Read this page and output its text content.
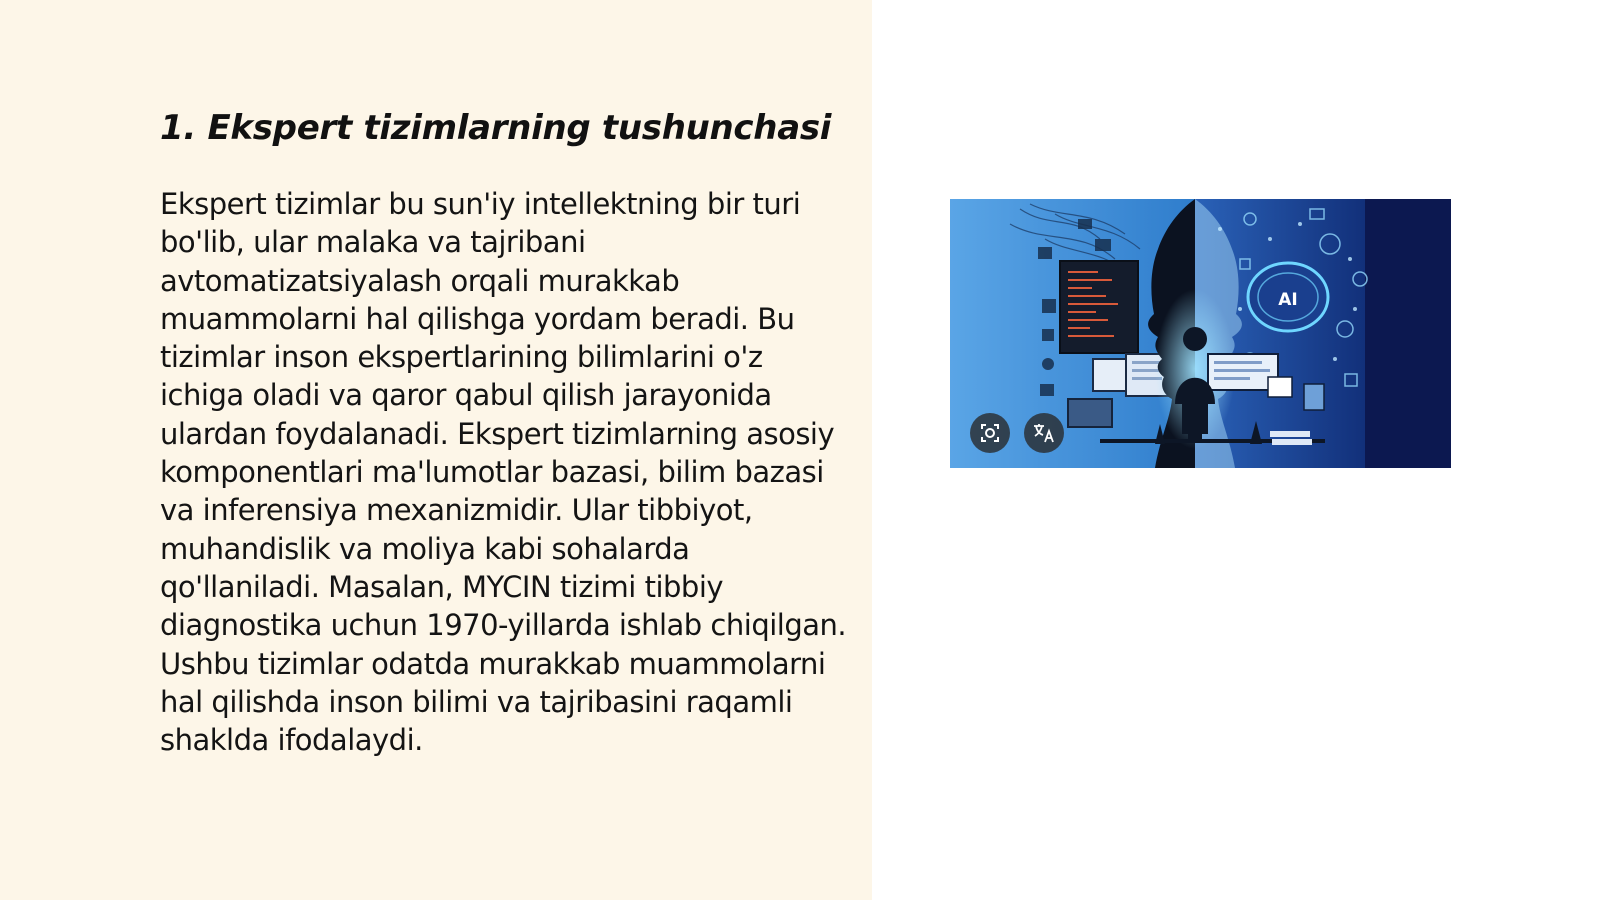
1. Ekspert tizimlarning tushunchasi

Ekspert tizimlar bu sun'iy intellektning bir turi bo'lib, ular malaka va tajribani avtomatizatsiyalash orqali murakkab muammolarni hal qilishga yordam beradi. Bu tizimlar inson ekspertlarining bilimlarini o'z ichiga oladi va qaror qabul qilish jarayonida ulardan foydalanadi. Ekspert tizimlarning asosiy komponentlari ma'lumotlar bazasi, bilim bazasi va inferensiya mexanizmidir. Ular tibbiyot, muhandislik va moliya kabi sohalarda qo'llaniladi. Masalan, MYCIN tizimi tibbiy diagnostika uchun 1970-yillarda ishlab chiqilgan. Ushbu tizimlar odatda murakkab muammolarni hal qilishda inson bilimi va tajribasini raqamli shaklda ifodalaydi.

AI
